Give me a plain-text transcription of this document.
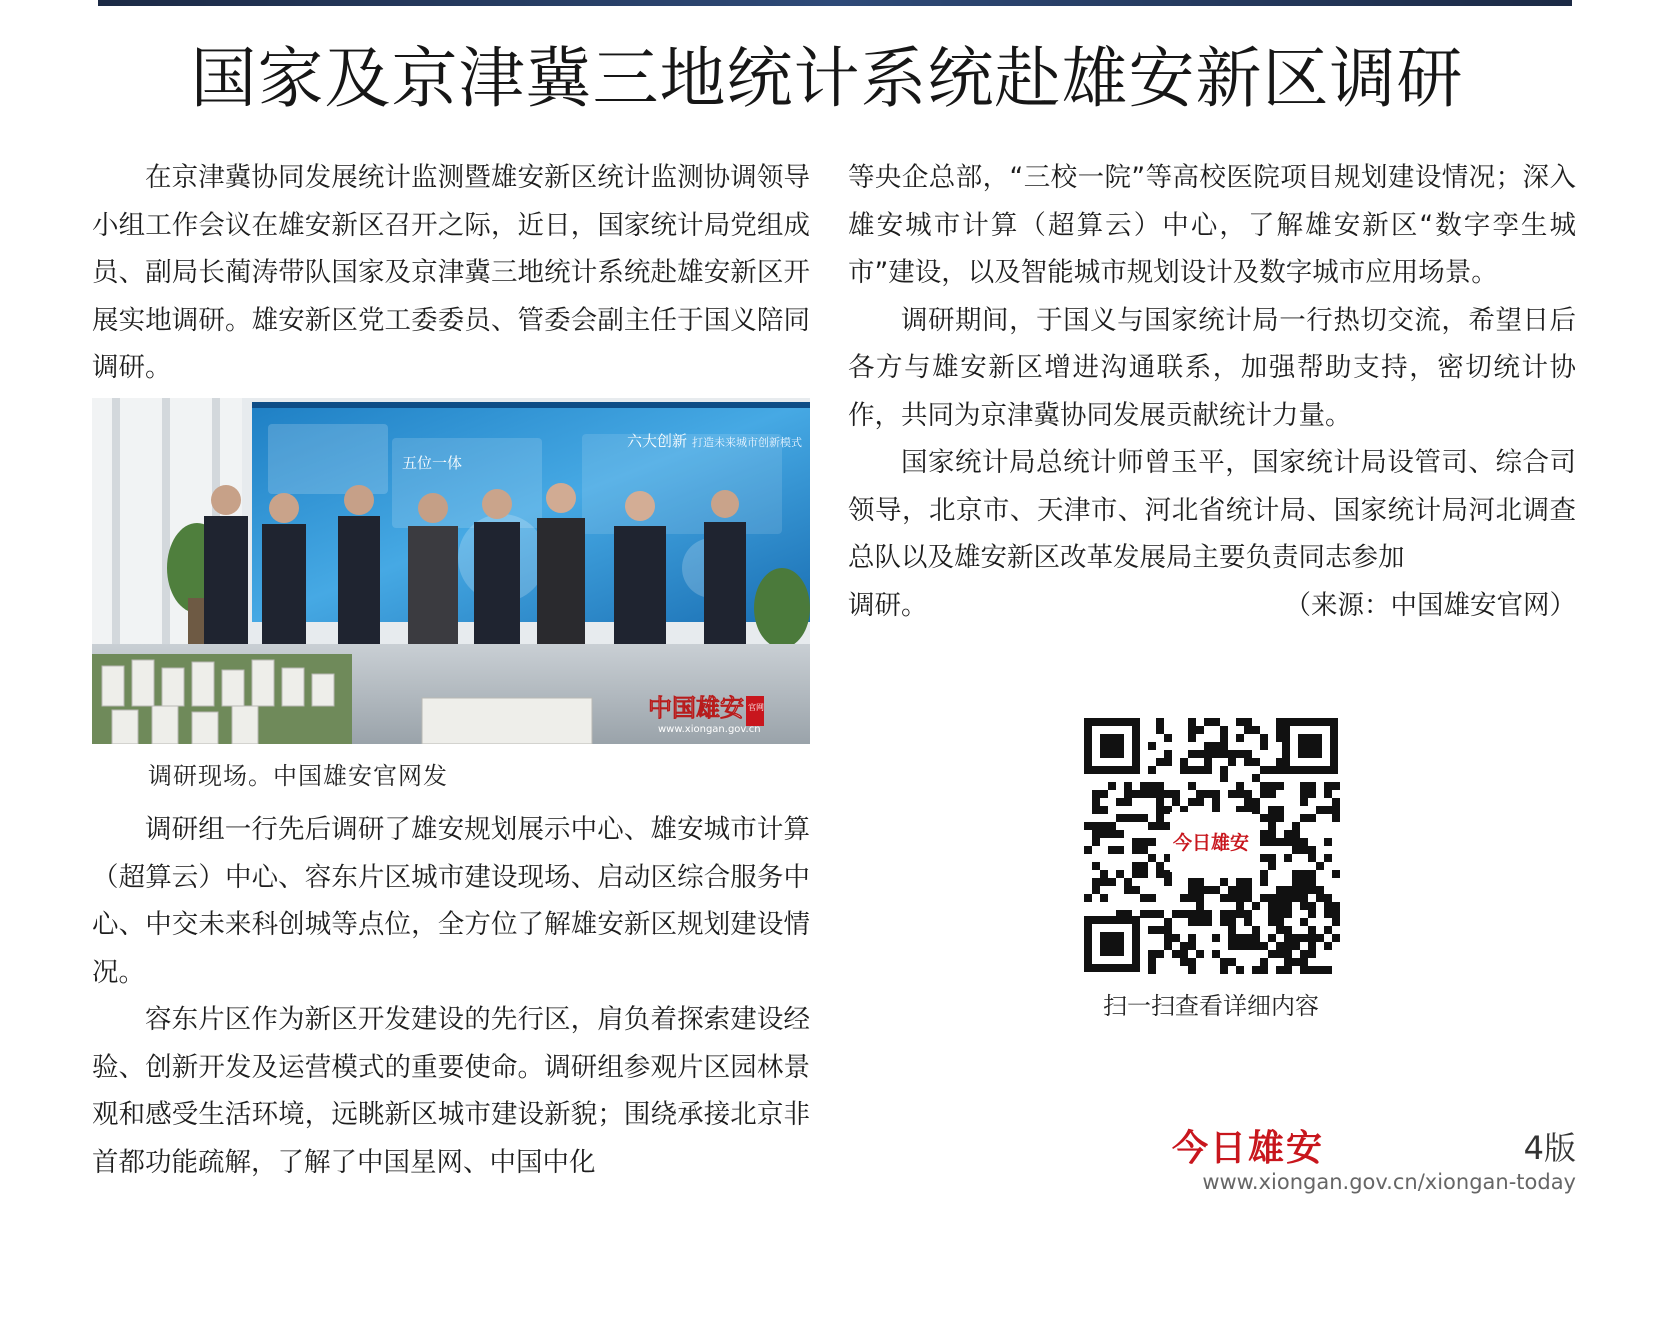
国家及京津冀三地统计系统赴雄安新区调研

在京津冀协同发展统计监测暨雄安新区统计监测协调领导小组工作会议在雄安新区召开之际，近日，国家统计局党组成员、副局长蔺涛带队国家及京津冀三地统计系统赴雄安新区开展实地调研。雄安新区党工委委员、管委会副主任于国义陪同调研。

五位一体
六大创新 打造未来城市创新模式
中国雄安 官网
www.xiongan.gov.cn
调研现场。中国雄安官网发

调研组一行先后调研了雄安规划展示中心、雄安城市计算（超算云）中心、容东片区城市建设现场、启动区综合服务中心、中交未来科创城等点位，全方位了解雄安新区规划建设情况。

容东片区作为新区开发建设的先行区，肩负着探索建设经验、创新开发及运营模式的重要使命。调研组参观片区园林景观和感受生活环境，远眺新区城市建设新貌；围绕承接北京非首都功能疏解，了解了中国星网、中国中化

等央企总部，“三校一院”等高校医院项目规划建设情况；深入雄安城市计算（超算云）中心，了解雄安新区“数字孪生城市”建设，以及智能城市规划设计及数字城市应用场景。

调研期间，于国义与国家统计局一行热切交流，希望日后各方与雄安新区增进沟通联系，加强帮助支持，密切统计协作，共同为京津冀协同发展贡献统计力量。

国家统计局总统计师曾玉平，国家统计局设管司、综合司领导，北京市、天津市、河北省统计局、国家统计局河北调查总队以及雄安新区改革发展局主要负责同志参加

调研。	（来源：中国雄安官网）
今日雄安
扫一扫查看详细内容
今日雄安	4版
www.xiongan.gov.cn/xiongan-today
